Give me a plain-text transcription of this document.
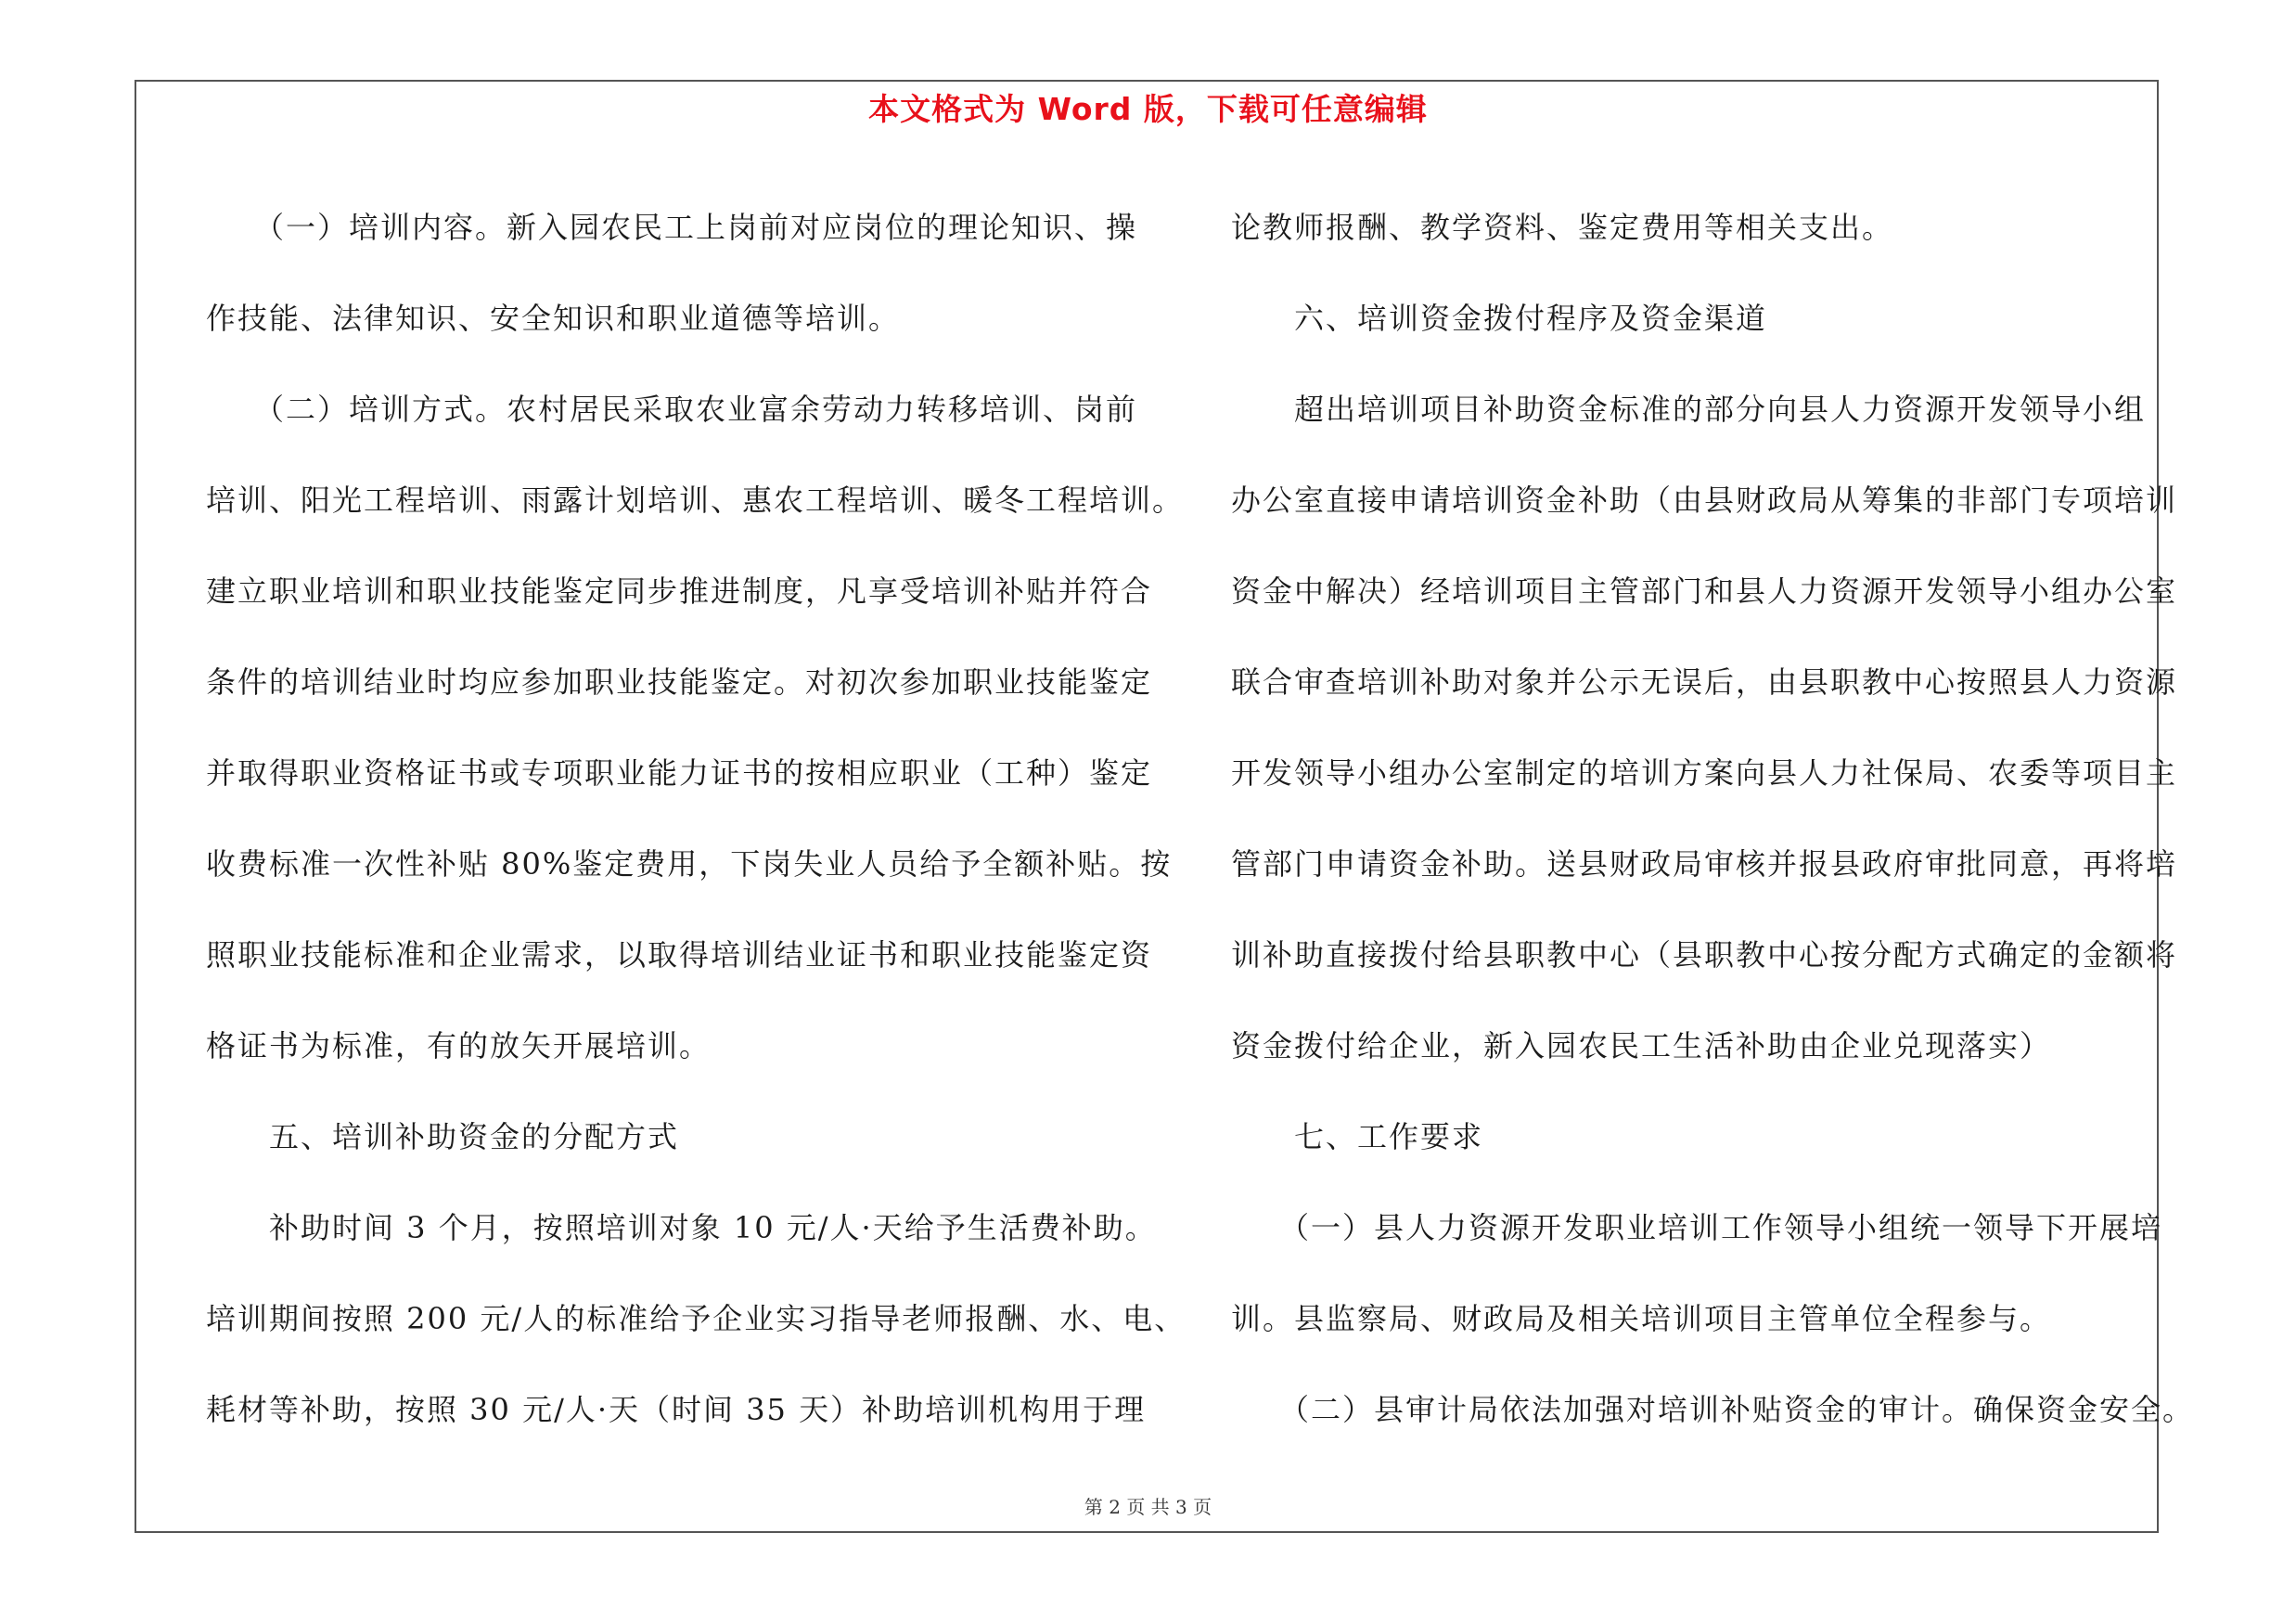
本文格式为 Word 版，下载可任意编辑
　　（一）培训内容。新入园农民工上岗前对应岗位的理论知识、操
作技能、法律知识、安全知识和职业道德等培训。
　　（二）培训方式。农村居民采取农业富余劳动力转移培训、岗前
培训、阳光工程培训、雨露计划培训、惠农工程培训、暖冬工程培训。
建立职业培训和职业技能鉴定同步推进制度，凡享受培训补贴并符合
条件的培训结业时均应参加职业技能鉴定。对初次参加职业技能鉴定
并取得职业资格证书或专项职业能力证书的按相应职业（工种）鉴定
收费标准一次性补贴 80%鉴定费用，下岗失业人员给予全额补贴。按
照职业技能标准和企业需求，以取得培训结业证书和职业技能鉴定资
格证书为标准，有的放矢开展培训。
　　五、培训补助资金的分配方式
　　补助时间 3 个月，按照培训对象 10 元/人·天给予生活费补助。
培训期间按照 200 元/人的标准给予企业实习指导老师报酬、水、电、
耗材等补助，按照 30 元/人·天（时间 35 天）补助培训机构用于理
论教师报酬、教学资料、鉴定费用等相关支出。
　　六、培训资金拨付程序及资金渠道
　　超出培训项目补助资金标准的部分向县人力资源开发领导小组
办公室直接申请培训资金补助（由县财政局从筹集的非部门专项培训
资金中解决）经培训项目主管部门和县人力资源开发领导小组办公室
联合审查培训补助对象并公示无误后，由县职教中心按照县人力资源
开发领导小组办公室制定的培训方案向县人力社保局、农委等项目主
管部门申请资金补助。送县财政局审核并报县政府审批同意，再将培
训补助直接拨付给县职教中心（县职教中心按分配方式确定的金额将
资金拨付给企业，新入园农民工生活补助由企业兑现落实）
　　七、工作要求
　　（一）县人力资源开发职业培训工作领导小组统一领导下开展培
训。县监察局、财政局及相关培训项目主管单位全程参与。
　　（二）县审计局依法加强对培训补贴资金的审计。确保资金安全。
第 2 页 共 3 页
